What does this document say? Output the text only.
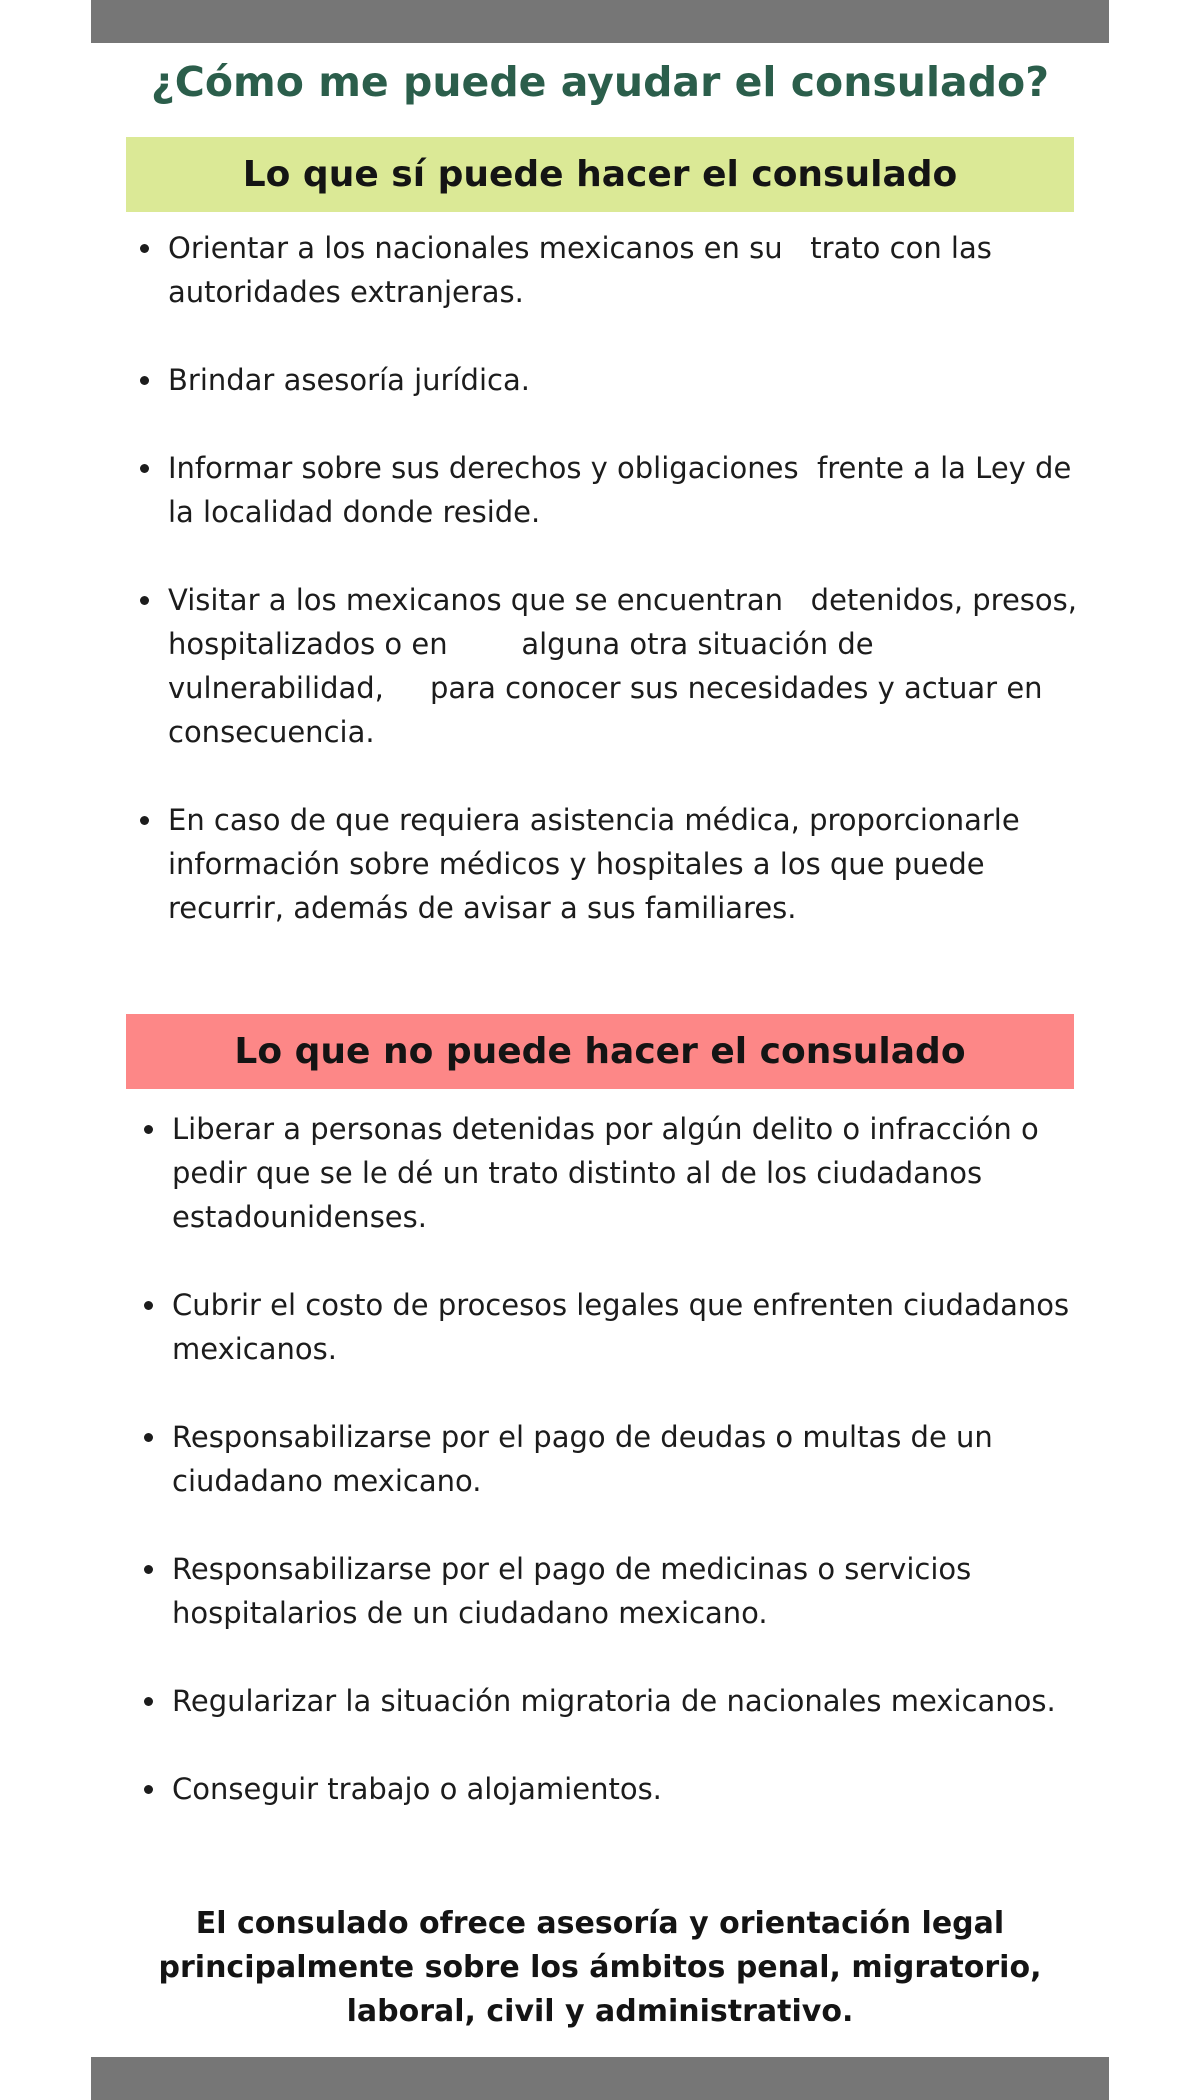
¿Cómo me puede ayudar el consulado?
Lo que sí puede hacer el consulado
Orientar a los nacionales mexicanos en su   trato con las autoridades extranjeras.
Brindar asesoría jurídica.
Informar sobre sus derechos y obligaciones  frente a la Ley de la localidad donde reside.
Visitar a los mexicanos que se encuentran   detenidos, presos, hospitalizados o en        alguna otra situación de vulnerabilidad,     para conocer sus necesidades y actuar en  consecuencia.
En caso de que requiera asistencia médica, proporcionarle información sobre médicos y hospitales a los que puede recurrir, además de avisar a sus familiares.
Lo que no puede hacer el consulado
Liberar a personas detenidas por algún delito o infracción o pedir que se le dé un trato distinto al de los ciudadanos estadounidenses.
Cubrir el costo de procesos legales que enfrenten ciudadanos mexicanos.
Responsabilizarse por el pago de deudas o multas de un ciudadano mexicano.
Responsabilizarse por el pago de medicinas o servicios hospitalarios de un ciudadano mexicano.
Regularizar la situación migratoria de nacionales mexicanos.
Conseguir trabajo o alojamientos.

El consulado ofrece asesoría y orientación legal principalmente sobre los ámbitos penal, migratorio, laboral, civil y administrativo.
